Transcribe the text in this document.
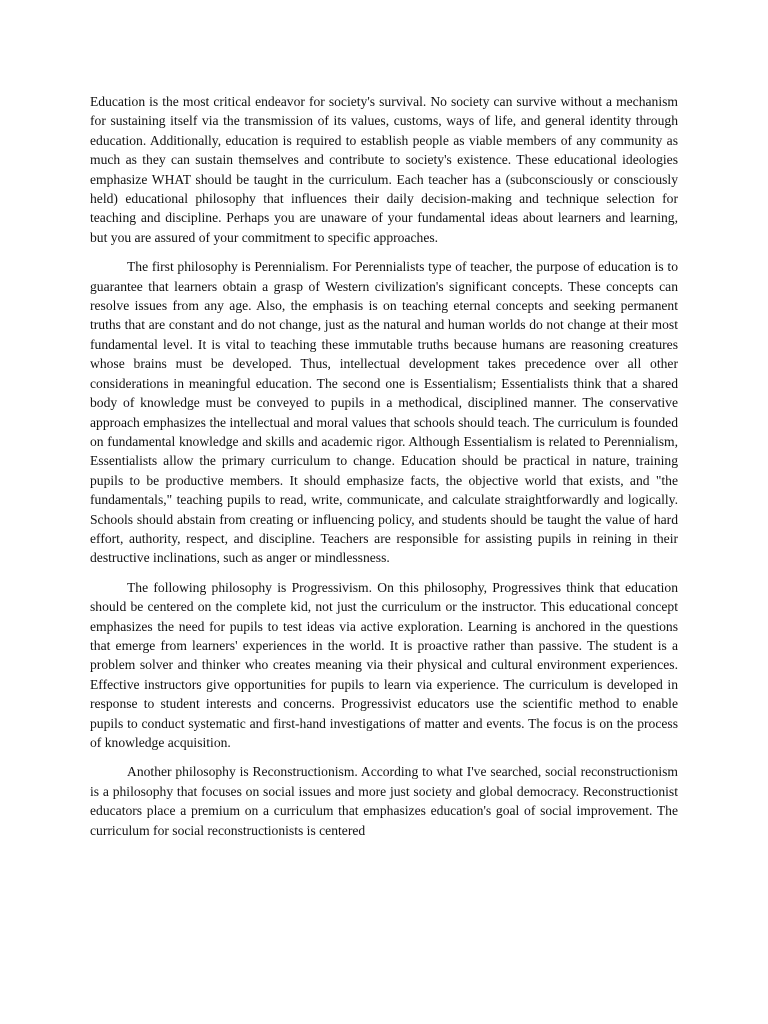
Education is the most critical endeavor for society's survival. No society can survive without a mechanism for sustaining itself via the transmission of its values, customs, ways of life, and general identity through education. Additionally, education is required to establish people as viable members of any community as much as they can sustain themselves and contribute to society's existence. These educational ideologies emphasize WHAT should be taught in the curriculum. Each teacher has a (subconsciously or consciously held) educational philosophy that influences their daily decision-making and technique selection for teaching and discipline. Perhaps you are unaware of your fundamental ideas about learners and learning, but you are assured of your commitment to specific approaches.

The first philosophy is Perennialism. For Perennialists type of teacher, the purpose of education is to guarantee that learners obtain a grasp of Western civilization's significant concepts. These concepts can resolve issues from any age. Also, the emphasis is on teaching eternal concepts and seeking permanent truths that are constant and do not change, just as the natural and human worlds do not change at their most fundamental level. It is vital to teaching these immutable truths because humans are reasoning creatures whose brains must be developed. Thus, intellectual development takes precedence over all other considerations in meaningful education. The second one is Essentialism; Essentialists think that a shared body of knowledge must be conveyed to pupils in a methodical, disciplined manner. The conservative approach emphasizes the intellectual and moral values that schools should teach. The curriculum is founded on fundamental knowledge and skills and academic rigor. Although Essentialism is related to Perennialism, Essentialists allow the primary curriculum to change. Education should be practical in nature, training pupils to be productive members. It should emphasize facts, the objective world that exists, and "the fundamentals," teaching pupils to read, write, communicate, and calculate straightforwardly and logically. Schools should abstain from creating or influencing policy, and students should be taught the value of hard effort, authority, respect, and discipline. Teachers are responsible for assisting pupils in reining in their destructive inclinations, such as anger or mindlessness.

The following philosophy is Progressivism. On this philosophy, Progressives think that education should be centered on the complete kid, not just the curriculum or the instructor. This educational concept emphasizes the need for pupils to test ideas via active exploration. Learning is anchored in the questions that emerge from learners' experiences in the world. It is proactive rather than passive. The student is a problem solver and thinker who creates meaning via their physical and cultural environment experiences. Effective instructors give opportunities for pupils to learn via experience. The curriculum is developed in response to student interests and concerns. Progressivist educators use the scientific method to enable pupils to conduct systematic and first-hand investigations of matter and events. The focus is on the process of knowledge acquisition.

Another philosophy is Reconstructionism. According to what I've searched, social reconstructionism is a philosophy that focuses on social issues and more just society and global democracy. Reconstructionist educators place a premium on a curriculum that emphasizes education's goal of social improvement. The curriculum for social reconstructionists is centered
